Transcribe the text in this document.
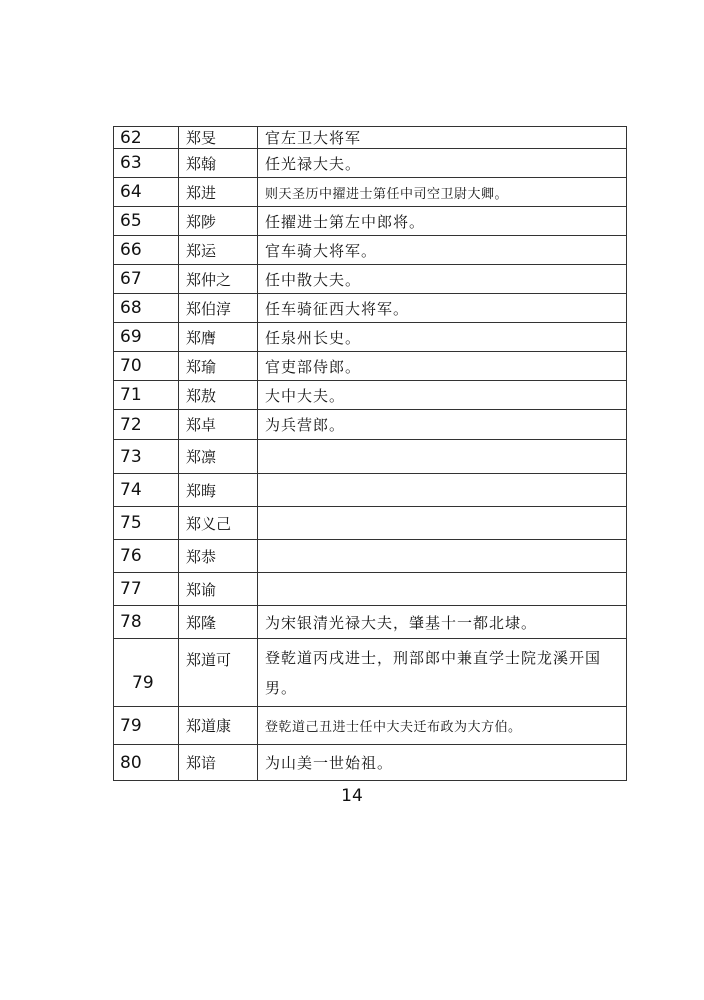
62	郑旻	官左卫大将军
63	郑翰	任光禄大夫。
64	郑进	则天圣历中擢进士第任中司空卫尉大卿。
65	郑陟	任擢进士第左中郎将。
66	郑运	官车骑大将军。
67	郑仲之	任中散大夫。
68	郑伯淳	任车骑征西大将军。
69	郑膺	任泉州长史。
70	郑瑜	官吏部侍郎。
71	郑敖	大中大夫。
72	郑卓	为兵营郎。
73	郑凛	
74	郑晦	
75	郑义己	
76	郑恭	
77	郑谕	
78	郑隆	为宋银清光禄大夫，肇基十一都北埭。
79	郑道可	登乾道丙戌进士，刑部郎中兼直学士院龙溪开国男。
79	郑道康	登乾道己丑进士任中大夫迁布政为大方伯。
80	郑谙	为山美一世始祖。
14
